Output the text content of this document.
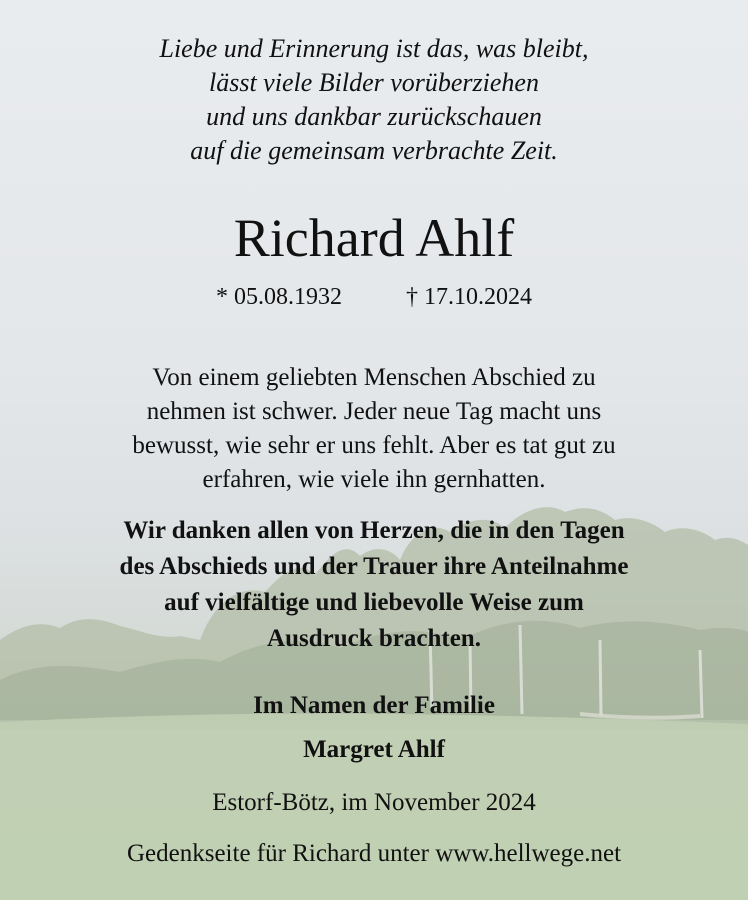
Liebe und Erinnerung ist das, was bleibt,
lässt viele Bilder vorüberziehen
und uns dankbar zurückschauen
auf die gemeinsam verbrachte Zeit.
Richard Ahlf
* 05.08.1932	† 17.10.2024
Von einem geliebten Menschen Abschied zu
nehmen ist schwer. Jeder neue Tag macht uns
bewusst, wie sehr er uns fehlt. Aber es tat gut zu
erfahren, wie viele ihn gernhatten.
Wir danken allen von Herzen, die in den Tagen
des Abschieds und der Trauer ihre Anteilnahme
auf vielfältige und liebevolle Weise zum
Ausdruck brachten.
Im Namen der Familie
Margret Ahlf
Estorf-Bötz, im November 2024
Gedenkseite für Richard unter www.hellwege.net
